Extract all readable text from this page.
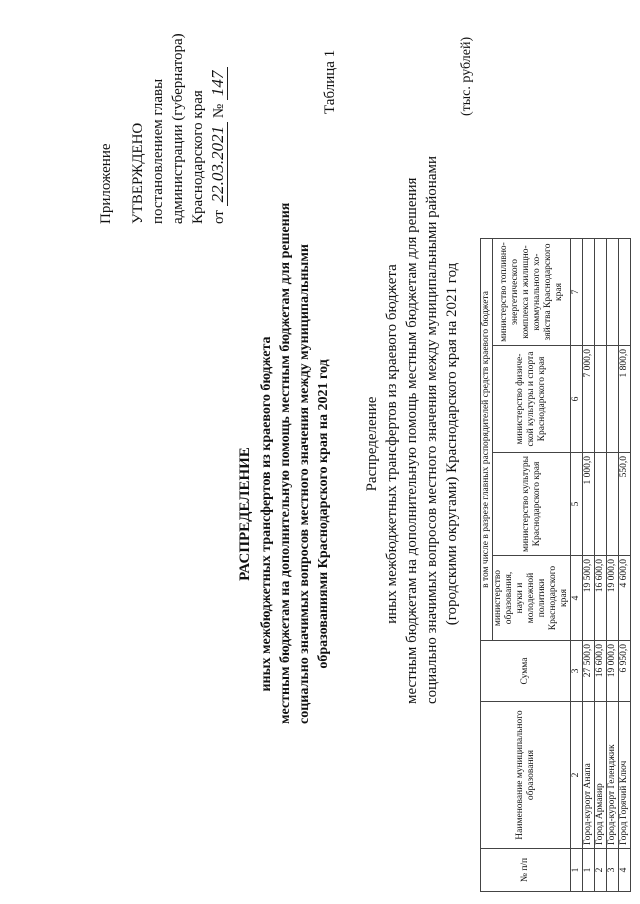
Приложение УТВЕРЖДЕНО постановлением главы администрации (губернатора) Краснодарского края от 22.03.2021 № 147	Таблица 1
РАСПРЕДЕЛЕНИЕ иных межбюджетных трансфертов из краевого бюджета местным бюджетам на дополнительную помощь местным бюджетам для решения социально значимых вопросов местного значения между муниципальными образованиями Краснодарского края на 2021 год Распределение иных межбюджетных трансфертов из краевого бюджета местным бюджетам на дополнительную помощь местным бюджетам для решения социально значимых вопросов местного значения между муниципальными районами (городскими округами) Краснодарского края на 2021 год
(тыс. рублей)
№ п/п	Наименование муниципального образования	Сумма	в том числе в разрезе главных распорядителей средств краевого бюджета			
			министерство образования, науки и молодежной политики Краснодарского края	министерство культуры Краснодарского края	министерство физиче-ской культуры и спорта Краснодарского края	министерство топливно-энергетического комплекса и жилищно-коммунального хо-зяйства Краснодарского края
1	2	3	4	5	6	7
1	Город-курорт Анапа	27 500,0	19 500,0	1 000,0	7 000,0	
2	Город Армавир	16 600,0	16 600,0			
3	Город-курорт Геленджик	19 000,0	19 000,0			
4	Город Горячий Ключ	6 950,0	4 600,0	550,0	1 800,0	
